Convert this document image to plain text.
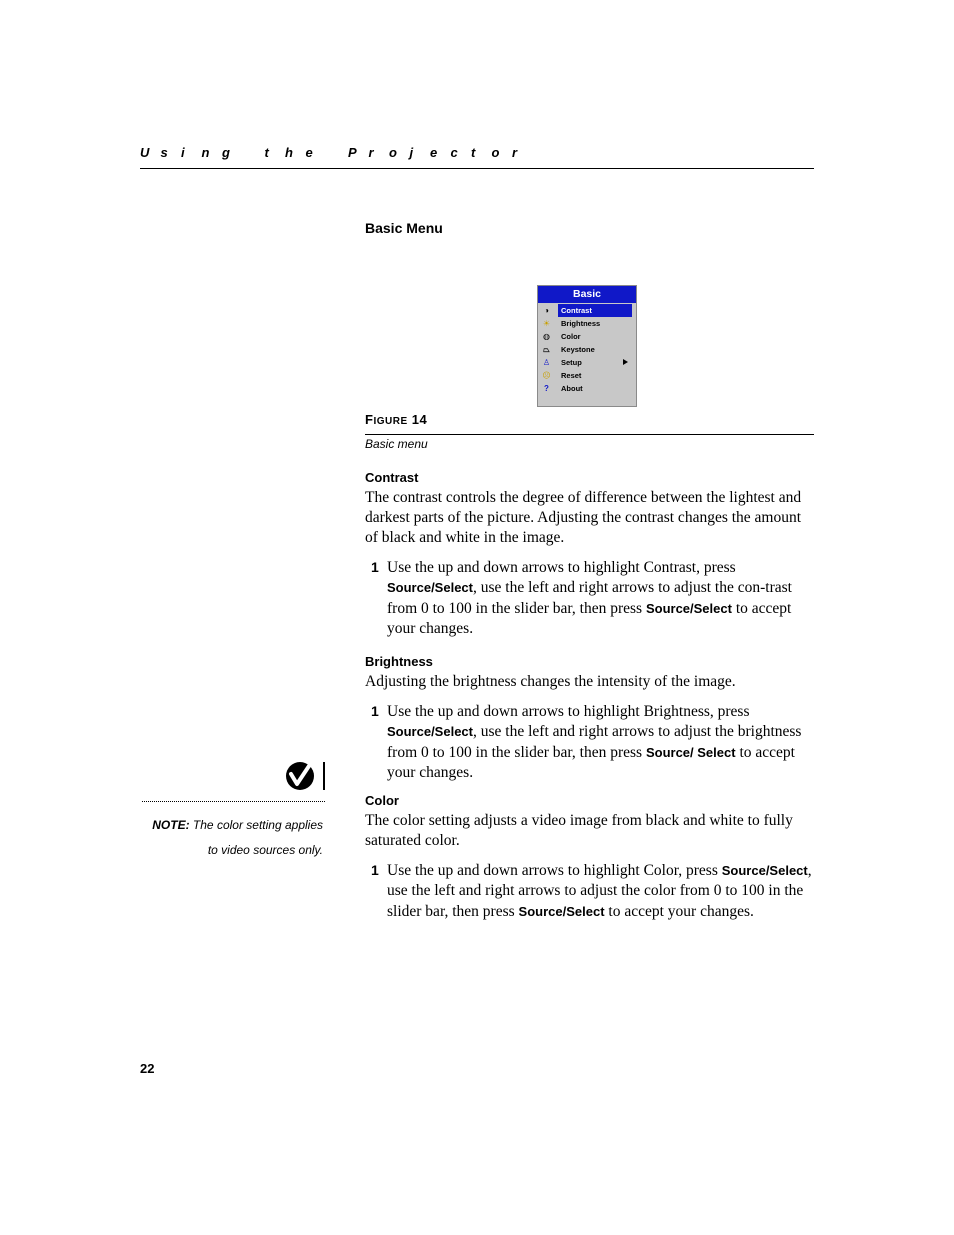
U s i n g	t h e	P r o j e c t o r
Basic Menu
Basic
◑	Contrast
☀ Brightness
◍ Color
⏢ Keystone
♙ Setup
☹ Reset
? About
FIGURE 14
Basic menu
Contrast
The contrast controls the degree of difference between the lightest and darkest parts of the picture. Adjusting the contrast changes the amount of black and white in the image.
1 Use the up and down arrows to highlight Contrast, press Source/Select, use the left and right arrows to adjust the con-trast from 0 to 100 in the slider bar, then press Source/Select to accept your changes.
Brightness
Adjusting the brightness changes the intensity of the image.
1 Use the up and down arrows to highlight Brightness, press Source/Select, use the left and right arrows to adjust the brightness from 0 to 100 in the slider bar, then press Source/ Select to accept your changes.
Color
The color setting adjusts a video image from black and white to fully saturated color.
1 Use the up and down arrows to highlight Color, press Source/Select, use the left and right arrows to adjust the color from 0 to 100 in the slider bar, then press Source/Select to accept your changes.
NOTE: The color setting applies
to video sources only.
22
